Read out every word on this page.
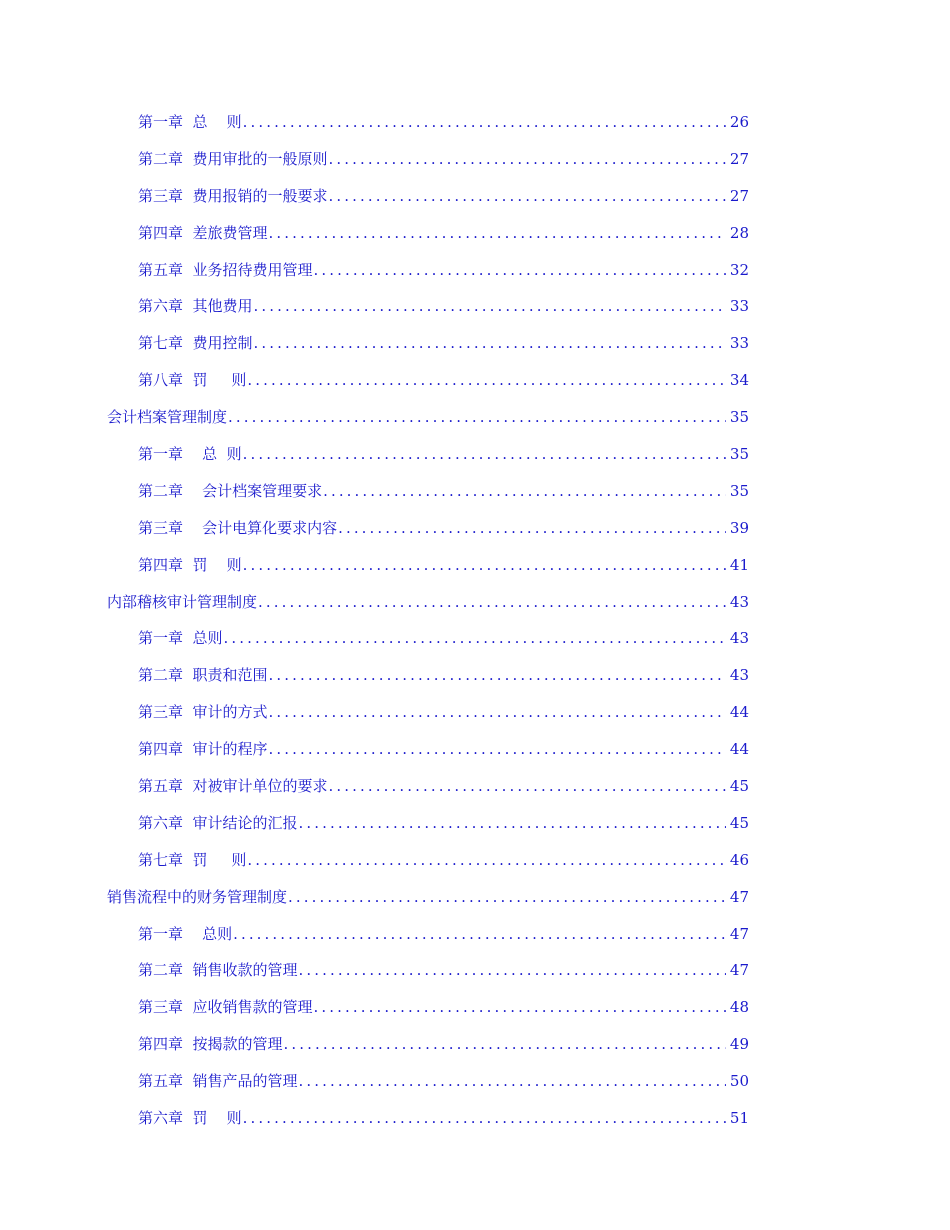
第一章  总    则 .....	26
第二章  费用审批的一般原则 .....	27
第三章  费用报销的一般要求 .....	27
第四章  差旅费管理 .....	28
第五章  业务招待费用管理 .....	32
第六章  其他费用 .....	33
第七章  费用控制 .....	33
第八章  罚     则 .....	34
会计档案管理制度 .....	35
第一章    总  则 .....	35
第二章    会计档案管理要求 .....	35
第三章    会计电算化要求内容 .....	39
第四章  罚    则 .....	41
内部稽核审计管理制度 .....	43
第一章  总则 .....	43
第二章  职责和范围 .....	43
第三章  审计的方式 .....	44
第四章  审计的程序 .....	44
第五章  对被审计单位的要求 .....	45
第六章  审计结论的汇报 .....	45
第七章  罚     则 .....	46
销售流程中的财务管理制度 .....	47
第一章    总则 .....	47
第二章  销售收款的管理 .....	47
第三章  应收销售款的管理 .....	48
第四章  按揭款的管理 .....	49
第五章  销售产品的管理 .....	50
第六章  罚    则 .....	51
